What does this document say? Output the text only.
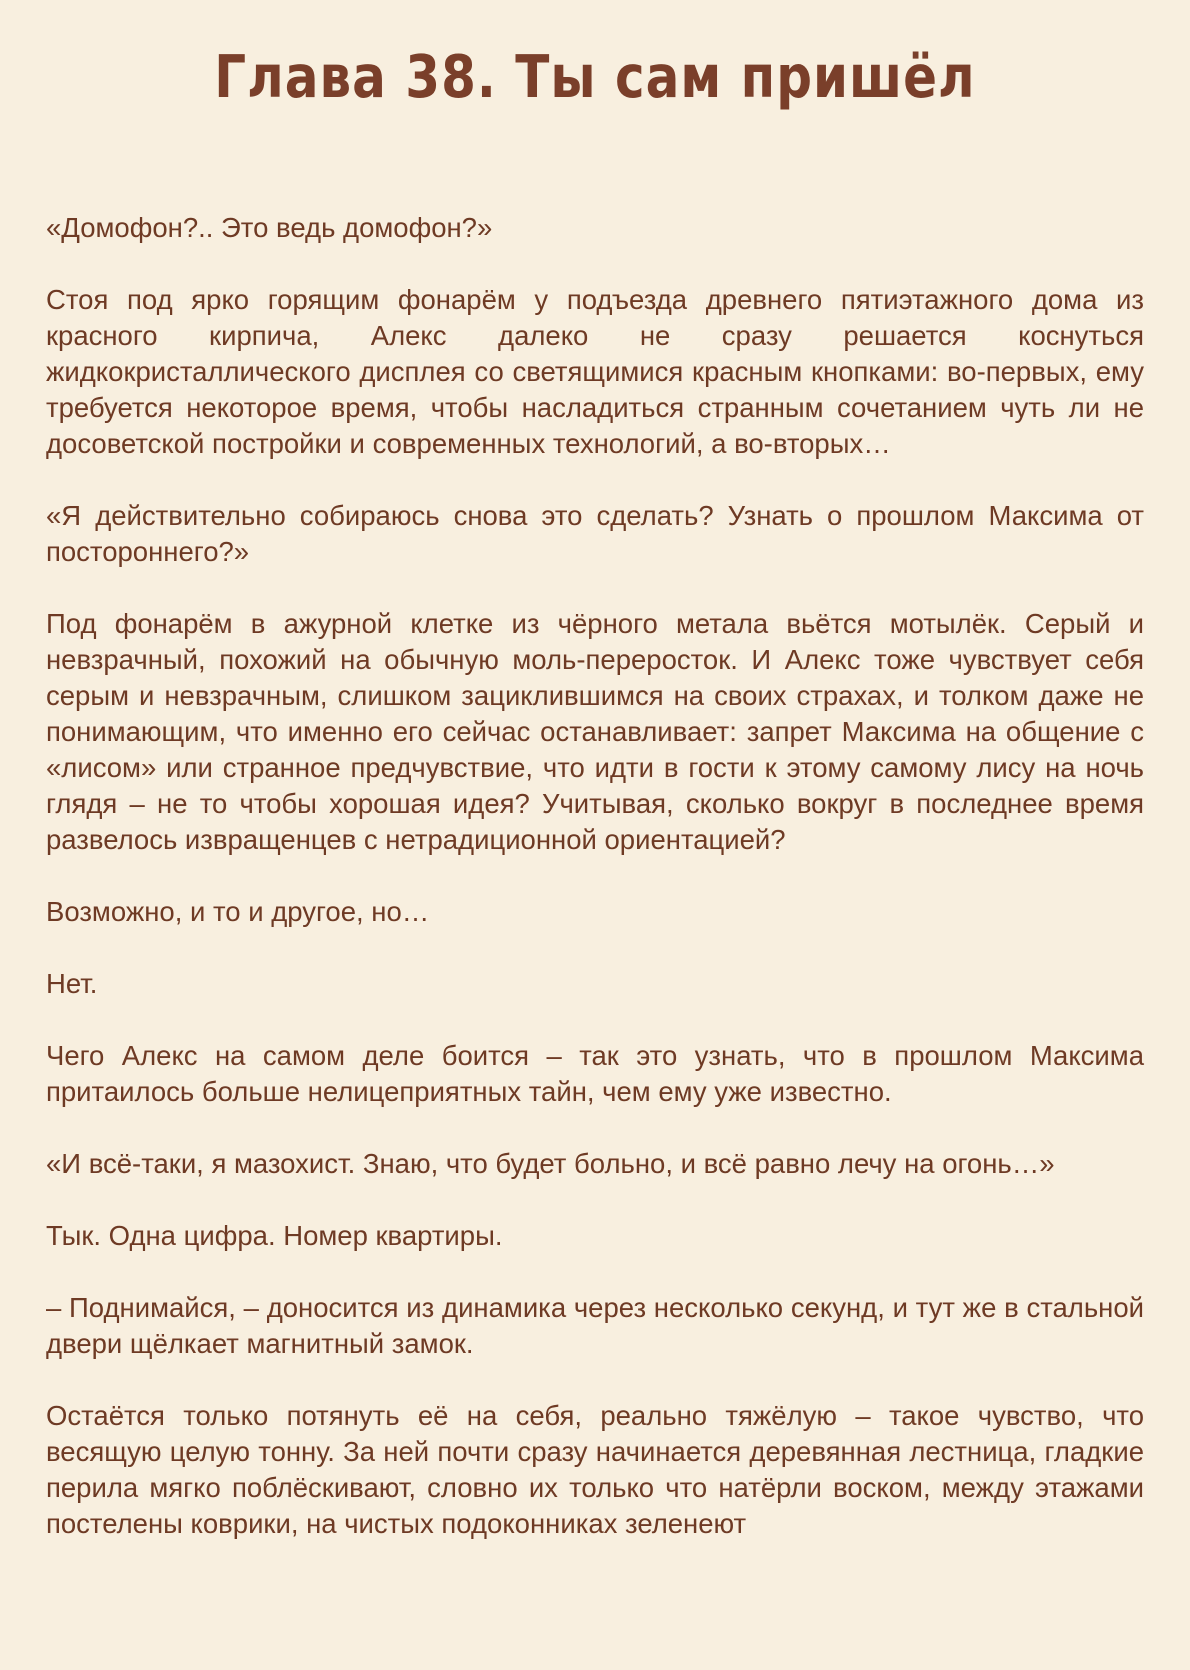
Глава 38. Ты сам пришёл

«Домофон?.. Это ведь домофон?»

Стоя под ярко горящим фонарём у подъезда древнего пятиэтажного дома из красного кирпича, Алекс далеко не сразу решается коснуться жидкокристаллического дисплея со светящимися красным кнопками: во-первых, ему требуется некоторое время, чтобы насладиться странным сочетанием чуть ли не досоветской постройки и современных технологий, а во-вторых…

«Я действительно собираюсь снова это сделать? Узнать о прошлом Максима от постороннего?»

Под фонарём в ажурной клетке из чёрного метала вьётся мотылёк. Серый и невзрачный, похожий на обычную моль-переросток. И Алекс тоже чувствует себя серым и невзрачным, слишком зациклившимся на своих страхах, и толком даже не понимающим, что именно его сейчас останавливает: запрет Максима на общение с «лисом» или странное предчувствие, что идти в гости к этому самому лису на ночь глядя – не то чтобы хорошая идея? Учитывая, сколько вокруг в последнее время развелось извращенцев с нетрадиционной ориентацией?

Возможно, и то и другое, но…

Нет.

Чего Алекс на самом деле боится – так это узнать, что в прошлом Максима притаилось больше нелицеприятных тайн, чем ему уже известно.

«И всё-таки, я мазохист. Знаю, что будет больно, и всё равно лечу на огонь…»

Тык. Одна цифра. Номер квартиры.

– Поднимайся, – доносится из динамика через несколько секунд, и тут же в стальной двери щёлкает магнитный замок.

Остаётся только потянуть её на себя, реально тяжёлую – такое чувство, что весящую целую тонну. За ней почти сразу начинается деревянная лестница, гладкие перила мягко поблёскивают, словно их только что натёрли воском, между этажами постелены коврики, на чистых подоконниках зеленеют
